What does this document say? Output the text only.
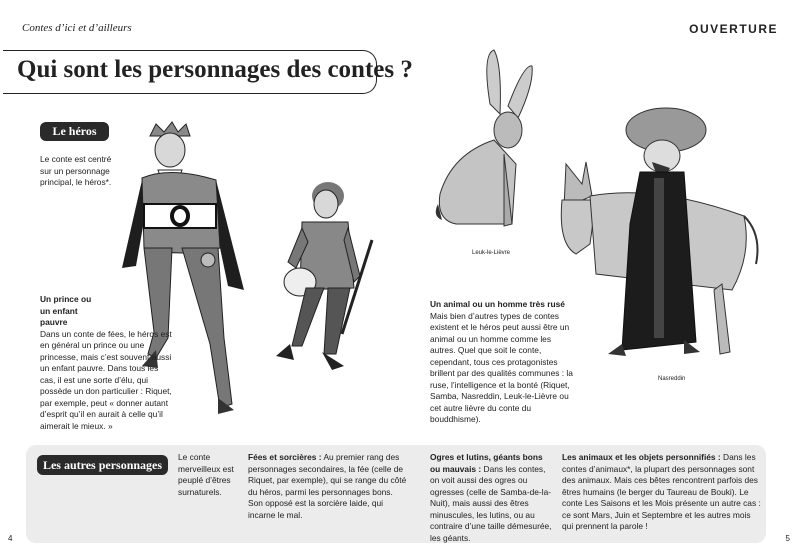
Contes d’ici et d’ailleurs	OUVERTURE
Qui sont les personnages des contes ?
Le héros
Le conte est centré sur un personnage principal, le héros*.
Un prince ou un enfant pauvre
Dans un conte de fées, le héros est en général un prince ou une princesse, mais c’est souvent aussi un enfant pauvre. Dans tous les cas, il est une sorte d’élu, qui possède un don particulier : Riquet, par exemple, peut « donner autant d’esprit qu’il en aurait à celle qu’il aimerait le mieux. »
Leuk-le-Lièvre
Nasreddin
Un animal ou un homme très rusé
Mais bien d’autres types de contes existent et le héros peut aussi être un animal ou un homme comme les autres. Quel que soit le conte, cependant, tous ces protagonistes brillent par des qualités communes : la ruse, l’intelligence et la bonté (Riquet, Samba, Nasreddin, Leuk-le-Lièvre ou cet autre lièvre du conte du bouddhisme).
Les autres personnages
Le conte merveilleux est peuplé d’êtres surnaturels.
Fées et sorcières : Au premier rang des personnages secondaires, la fée (celle de Riquet, par exemple), qui se range du côté du héros, parmi les personnages bons. Son opposé est la sorcière laide, qui incarne le mal.
Ogres et lutins, géants bons ou mauvais : Dans les contes, on voit aussi des ogres ou ogresses (celle de Samba-de-la-Nuit), mais aussi des êtres minuscules, les lutins, ou au contraire d’une taille démesurée, les géants.
Les animaux et les objets personnifiés : Dans les contes d’animaux*, la plupart des personnages sont des animaux. Mais ces bêtes rencontrent parfois des êtres humains (le berger du Taureau de Bouki). Le conte Les Saisons et les Mois présente un autre cas : ce sont Mars, Juin et Septembre et les autres mois qui prennent la parole !
4	5
